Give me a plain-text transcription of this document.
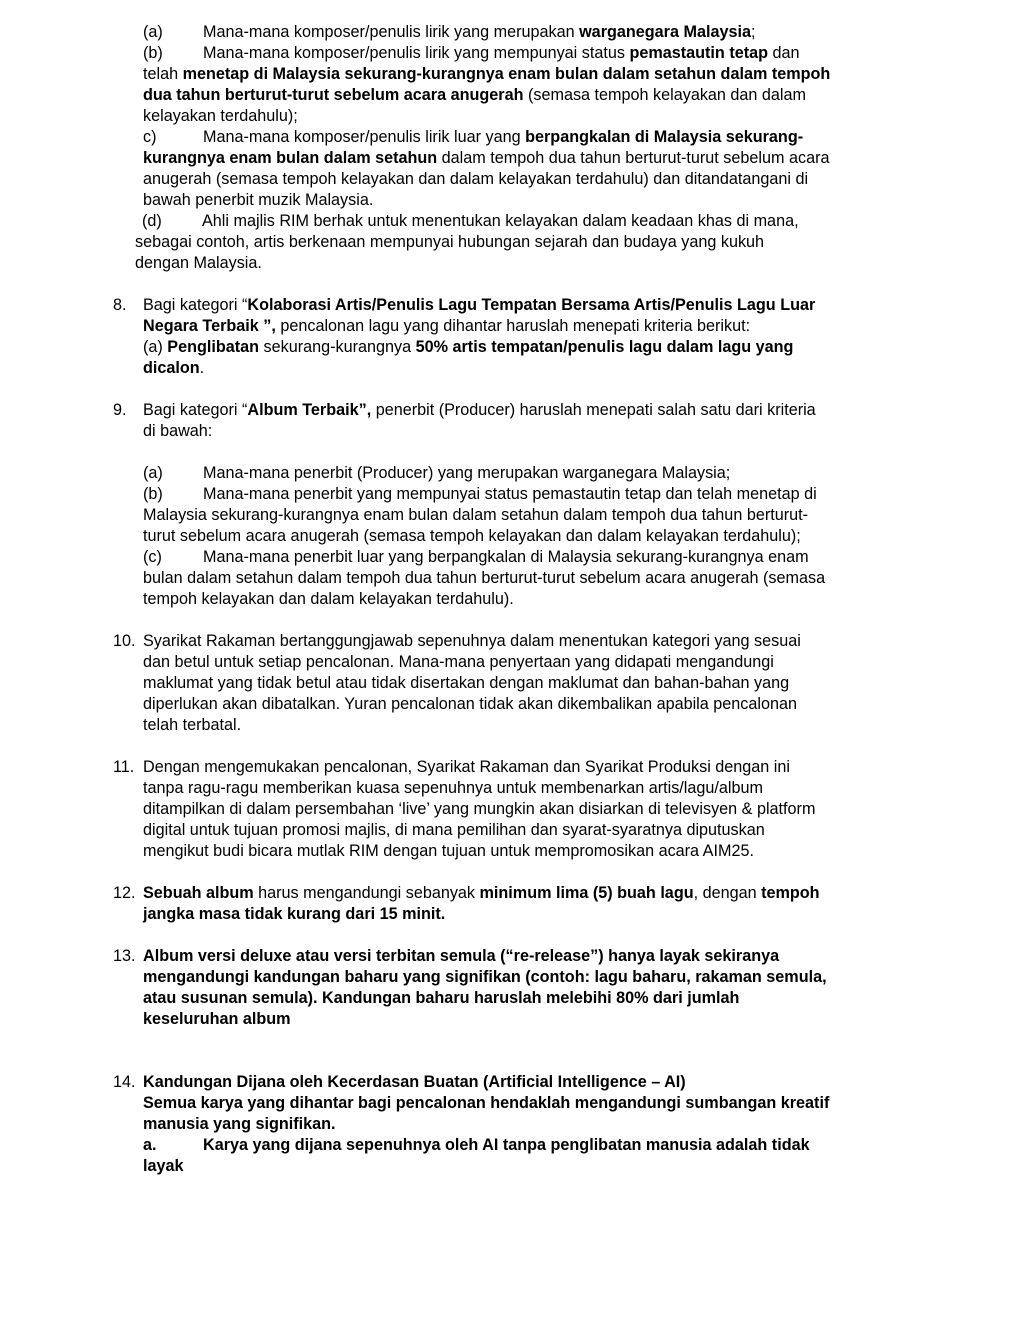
(a) Mana-mana komposer/penulis lirik yang merupakan warganegara Malaysia;
(b) Mana-mana komposer/penulis lirik yang mempunyai status pemastautin tetap dan
telah menetap di Malaysia sekurang-kurangnya enam bulan dalam setahun dalam tempoh
dua tahun berturut-turut sebelum acara anugerah (semasa tempoh kelayakan dan dalam
kelayakan terdahulu);
c)	Mana-mana komposer/penulis lirik luar yang berpangkalan di Malaysia sekurang-
kurangnya enam bulan dalam setahun dalam tempoh dua tahun berturut-turut sebelum acara
anugerah (semasa tempoh kelayakan dan dalam kelayakan terdahulu) dan ditandatangani di
bawah penerbit muzik Malaysia.
(d) Ahli majlis RIM berhak untuk menentukan kelayakan dalam keadaan khas di mana,
sebagai contoh, artis berkenaan mempunyai hubungan sejarah dan budaya yang kukuh
dengan Malaysia.
8. Bagi kategori “Kolaborasi Artis/Penulis Lagu Tempatan Bersama Artis/Penulis Lagu Luar
Negara Terbaik ”, pencalonan lagu yang dihantar haruslah menepati kriteria berikut:
(a) Penglibatan sekurang-kurangnya 50% artis tempatan/penulis lagu dalam lagu yang
dicalon.
9. Bagi kategori “Album Terbaik”, penerbit (Producer) haruslah menepati salah satu dari kriteria
di bawah:
(a) Mana-mana penerbit (Producer) yang merupakan warganegara Malaysia;
(b) Mana-mana penerbit yang mempunyai status pemastautin tetap dan telah menetap di
Malaysia sekurang-kurangnya enam bulan dalam setahun dalam tempoh dua tahun berturut-
turut sebelum acara anugerah (semasa tempoh kelayakan dan dalam kelayakan terdahulu);
(c)	Mana-mana penerbit luar yang berpangkalan di Malaysia sekurang-kurangnya enam
bulan dalam setahun dalam tempoh dua tahun berturut-turut sebelum acara anugerah (semasa
tempoh kelayakan dan dalam kelayakan terdahulu).
10. Syarikat Rakaman bertanggungjawab sepenuhnya dalam menentukan kategori yang sesuai
dan betul untuk setiap pencalonan. Mana-mana penyertaan yang didapati mengandungi
maklumat yang tidak betul atau tidak disertakan dengan maklumat dan bahan-bahan yang
diperlukan akan dibatalkan. Yuran pencalonan tidak akan dikembalikan apabila pencalonan
telah terbatal.
11. Dengan mengemukakan pencalonan, Syarikat Rakaman dan Syarikat Produksi dengan ini
tanpa ragu-ragu memberikan kuasa sepenuhnya untuk membenarkan artis/lagu/album
ditampilkan di dalam persembahan ‘live’ yang mungkin akan disiarkan di televisyen & platform
digital untuk tujuan promosi majlis, di mana pemilihan dan syarat-syaratnya diputuskan
mengikut budi bicara mutlak RIM dengan tujuan untuk mempromosikan acara AIM25.
12. Sebuah album harus mengandungi sebanyak minimum lima (5) buah lagu, dengan tempoh
jangka masa tidak kurang dari 15 minit.
13. Album versi deluxe atau versi terbitan semula (“re-release”) hanya layak sekiranya
mengandungi kandungan baharu yang signifikan (contoh: lagu baharu, rakaman semula,
atau susunan semula). Kandungan baharu haruslah melebihi 80% dari jumlah
keseluruhan album
14. Kandungan Dijana oleh Kecerdasan Buatan (Artificial Intelligence – AI)
Semua karya yang dihantar bagi pencalonan hendaklah mengandungi sumbangan kreatif
manusia yang signifikan.
a.	Karya yang dijana sepenuhnya oleh AI tanpa penglibatan manusia adalah tidak
layak
